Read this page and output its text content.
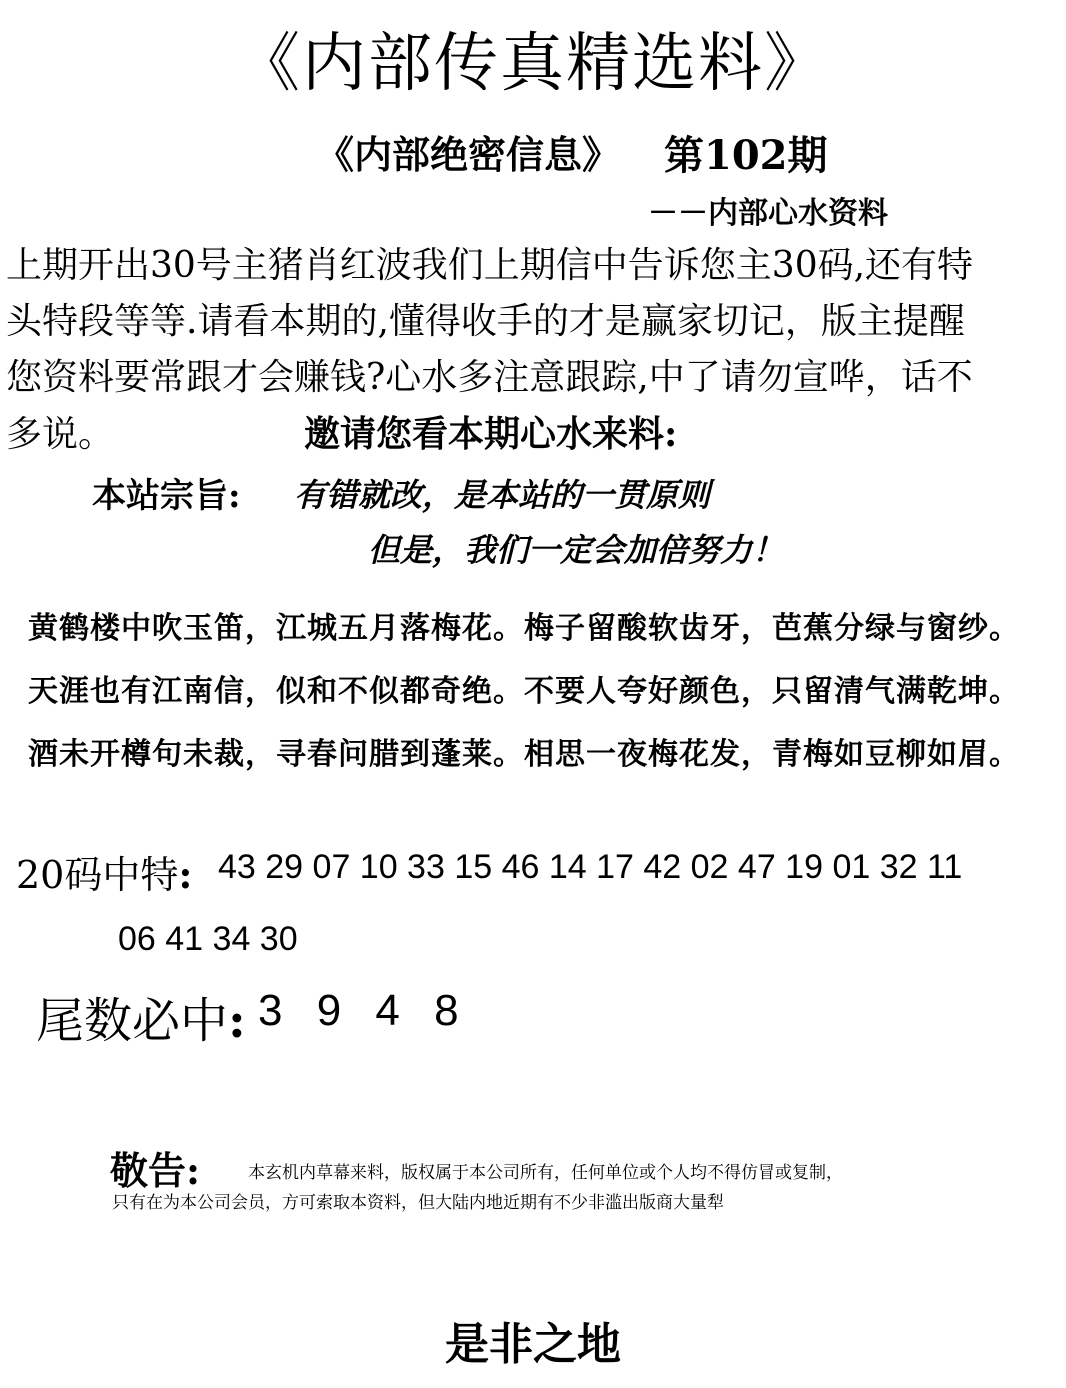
《内部传真精选料》
《内部绝密信息》 第102期
－－内部心水资料
上期开出30号主猪肖红波我们上期信中告诉您主30码,还有特
头特段等等.请看本期的,懂得收手的才是赢家切记，版主提醒
您资料要常跟才会赚钱?心水多注意跟踪,中了请勿宣哗，话不
多说。	邀请您看本期心水来料:
本站宗旨: 有错就改，是本站的一贯原则
但是，我们一定会加倍努力！
黄鹤楼中吹玉笛，江城五月落梅花。梅子留酸软齿牙，芭蕉分绿与窗纱。
天涯也有江南信，似和不似都奇绝。不要人夸好颜色，只留清气满乾坤。
酒未开樽句未裁，寻春问腊到蓬莱。相思一夜梅花发，青梅如豆柳如眉。
20码中特: 43 29 07 10 33 15 46 14 17 42 02 47 19 01 32 11
06 41 34 30
尾数必中: 3 9 4 8
敬告:	本玄机内草幕来料，版权属于本公司所有，任何单位或个人均不得仿冒或复制，
只有在为本公司会员，方可索取本资料，但大陆内地近期有不少非滥出版商大量犁
是非之地
